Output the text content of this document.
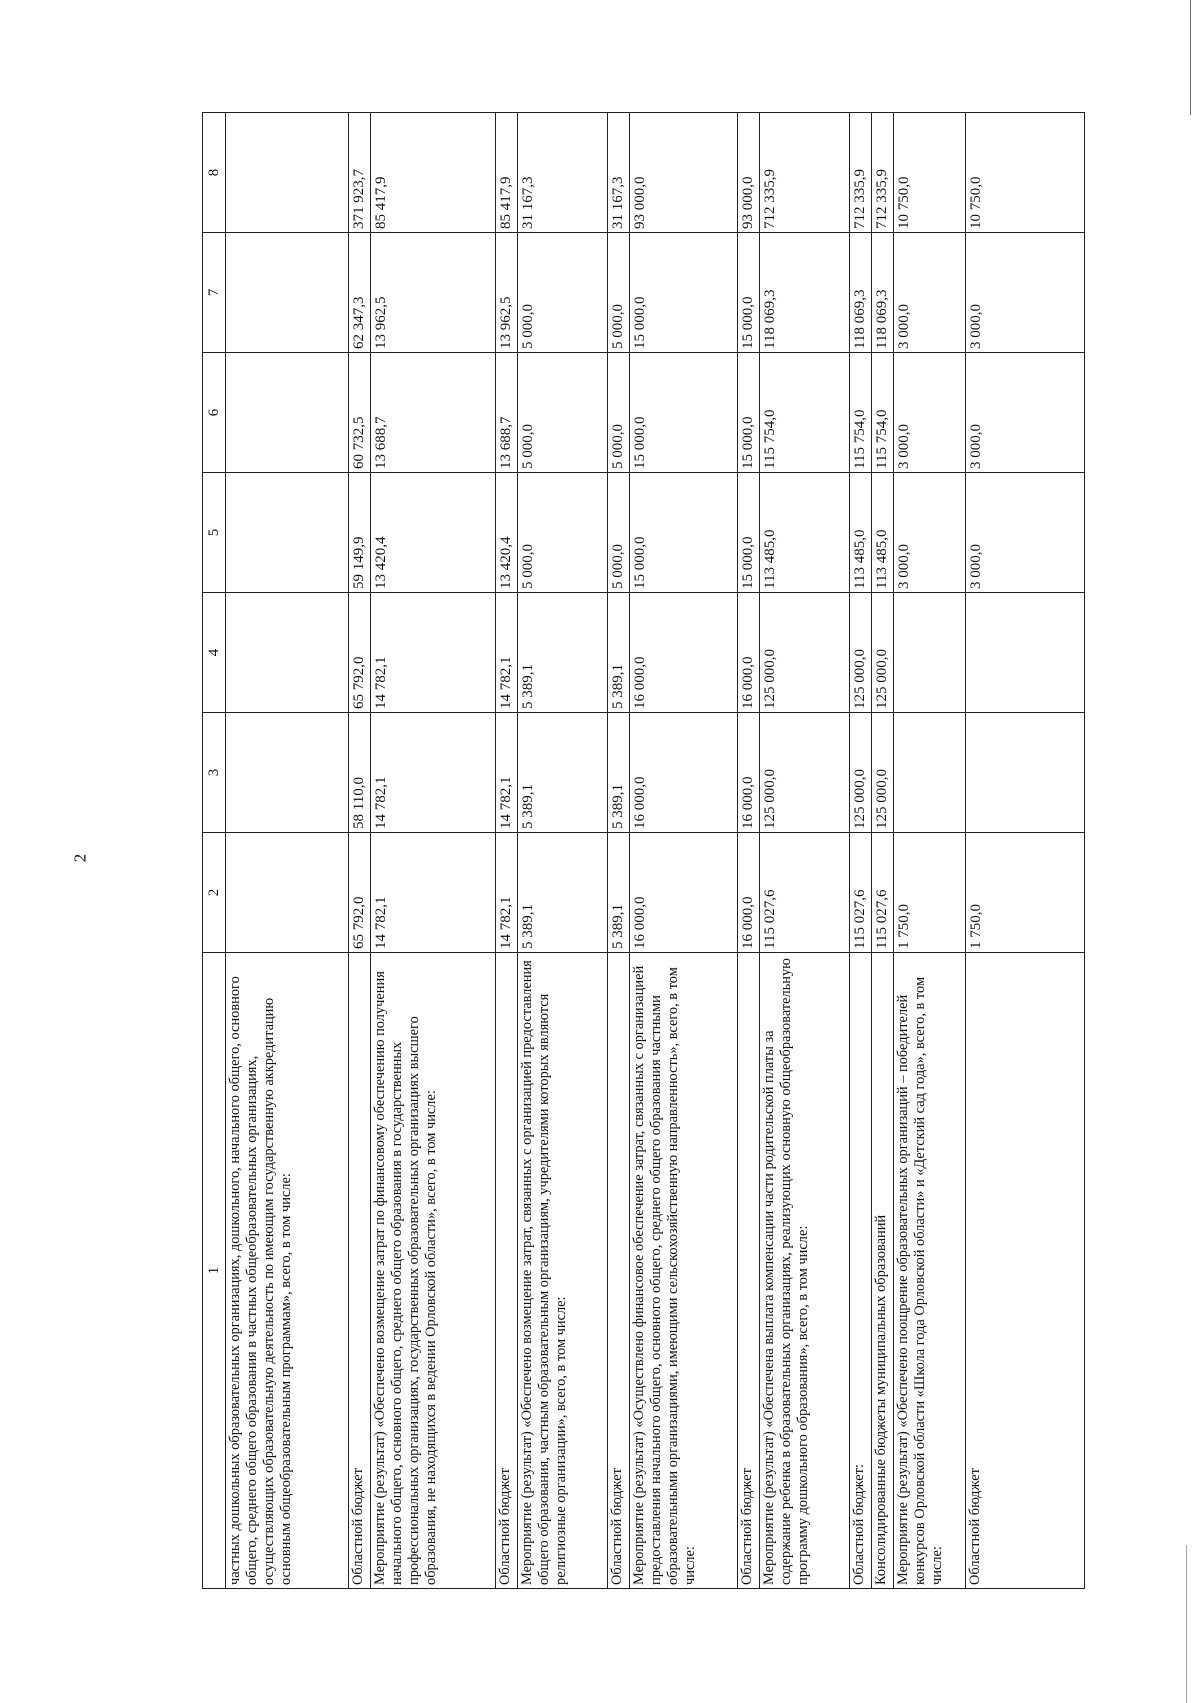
2
1	2	3	4	5	6	7	8
частных дошкольных образовательных организациях, дошкольного, начального общего, основного общего, среднего общего образования в частных общеобразовательных организациях, осуществляющих образовательную деятельность по имеющим государственную аккредитацию основным общеобразовательным программам», всего, в том числе:							
Областной бюджет	65 792,0	58 110,0	65 792,0	59 149,9	60 732,5	62 347,3	371 923,7
Мероприятие (результат) «Обеспечено возмещение затрат по финансовому обеспечению получения начального общего, основного общего, среднего общего образования в государственных профессиональных организациях, государственных образовательных организациях высшего образования, не находящихся в ведении Орловской области», всего, в том числе:	14 782,1	14 782,1	14 782,1	13 420,4	13 688,7	13 962,5	85 417,9
Областной бюджет	14 782,1	14 782,1	14 782,1	13 420,4	13 688,7	13 962,5	85 417,9
Мероприятие (результат) «Обеспечено возмещение затрат, связанных с организацией предоставления общего образования, частным образовательным организациям, учредителями которых являются религиозные организации», всего, в том числе:	5 389,1	5 389,1	5 389,1	5 000,0	5 000,0	5 000,0	31 167,3
Областной бюджет	5 389,1	5 389,1	5 389,1	5 000,0	5 000,0	5 000,0	31 167,3
Мероприятие (результат) «Осуществлено финансовое обеспечение затрат, связанных с организацией предоставления начального общего, основного общего, среднего общего образования частными образовательными организациями, имеющими сельскохозяйственную направленность», всего, в том числе:	16 000,0	16 000,0	16 000,0	15 000,0	15 000,0	15 000,0	93 000,0
Областной бюджет	16 000,0	16 000,0	16 000,0	15 000,0	15 000,0	15 000,0	93 000,0
Мероприятие (результат) «Обеспечена выплата компенсации части родительской платы за содержание ребенка в образовательных организациях, реализующих основную общеобразовательную программу дошкольного образования», всего, в том числе:	115 027,6	125 000,0	125 000,0	113 485,0	115 754,0	118 069,3	712 335,9
Областной бюджет:	115 027,6	125 000,0	125 000,0	113 485,0	115 754,0	118 069,3	712 335,9
Консолидированные бюджеты муниципальных образований	115 027,6	125 000,0	125 000,0	113 485,0	115 754,0	118 069,3	712 335,9
Мероприятие (результат) «Обеспечено поощрение образовательных организаций – победителей конкурсов Орловской области «Школа года Орловской области» и «Детский сад года», всего, в том числе:	1 750,0			3 000,0	3 000,0	3 000,0	10 750,0
Областной бюджет	1 750,0			3 000,0	3 000,0	3 000,0	10 750,0
